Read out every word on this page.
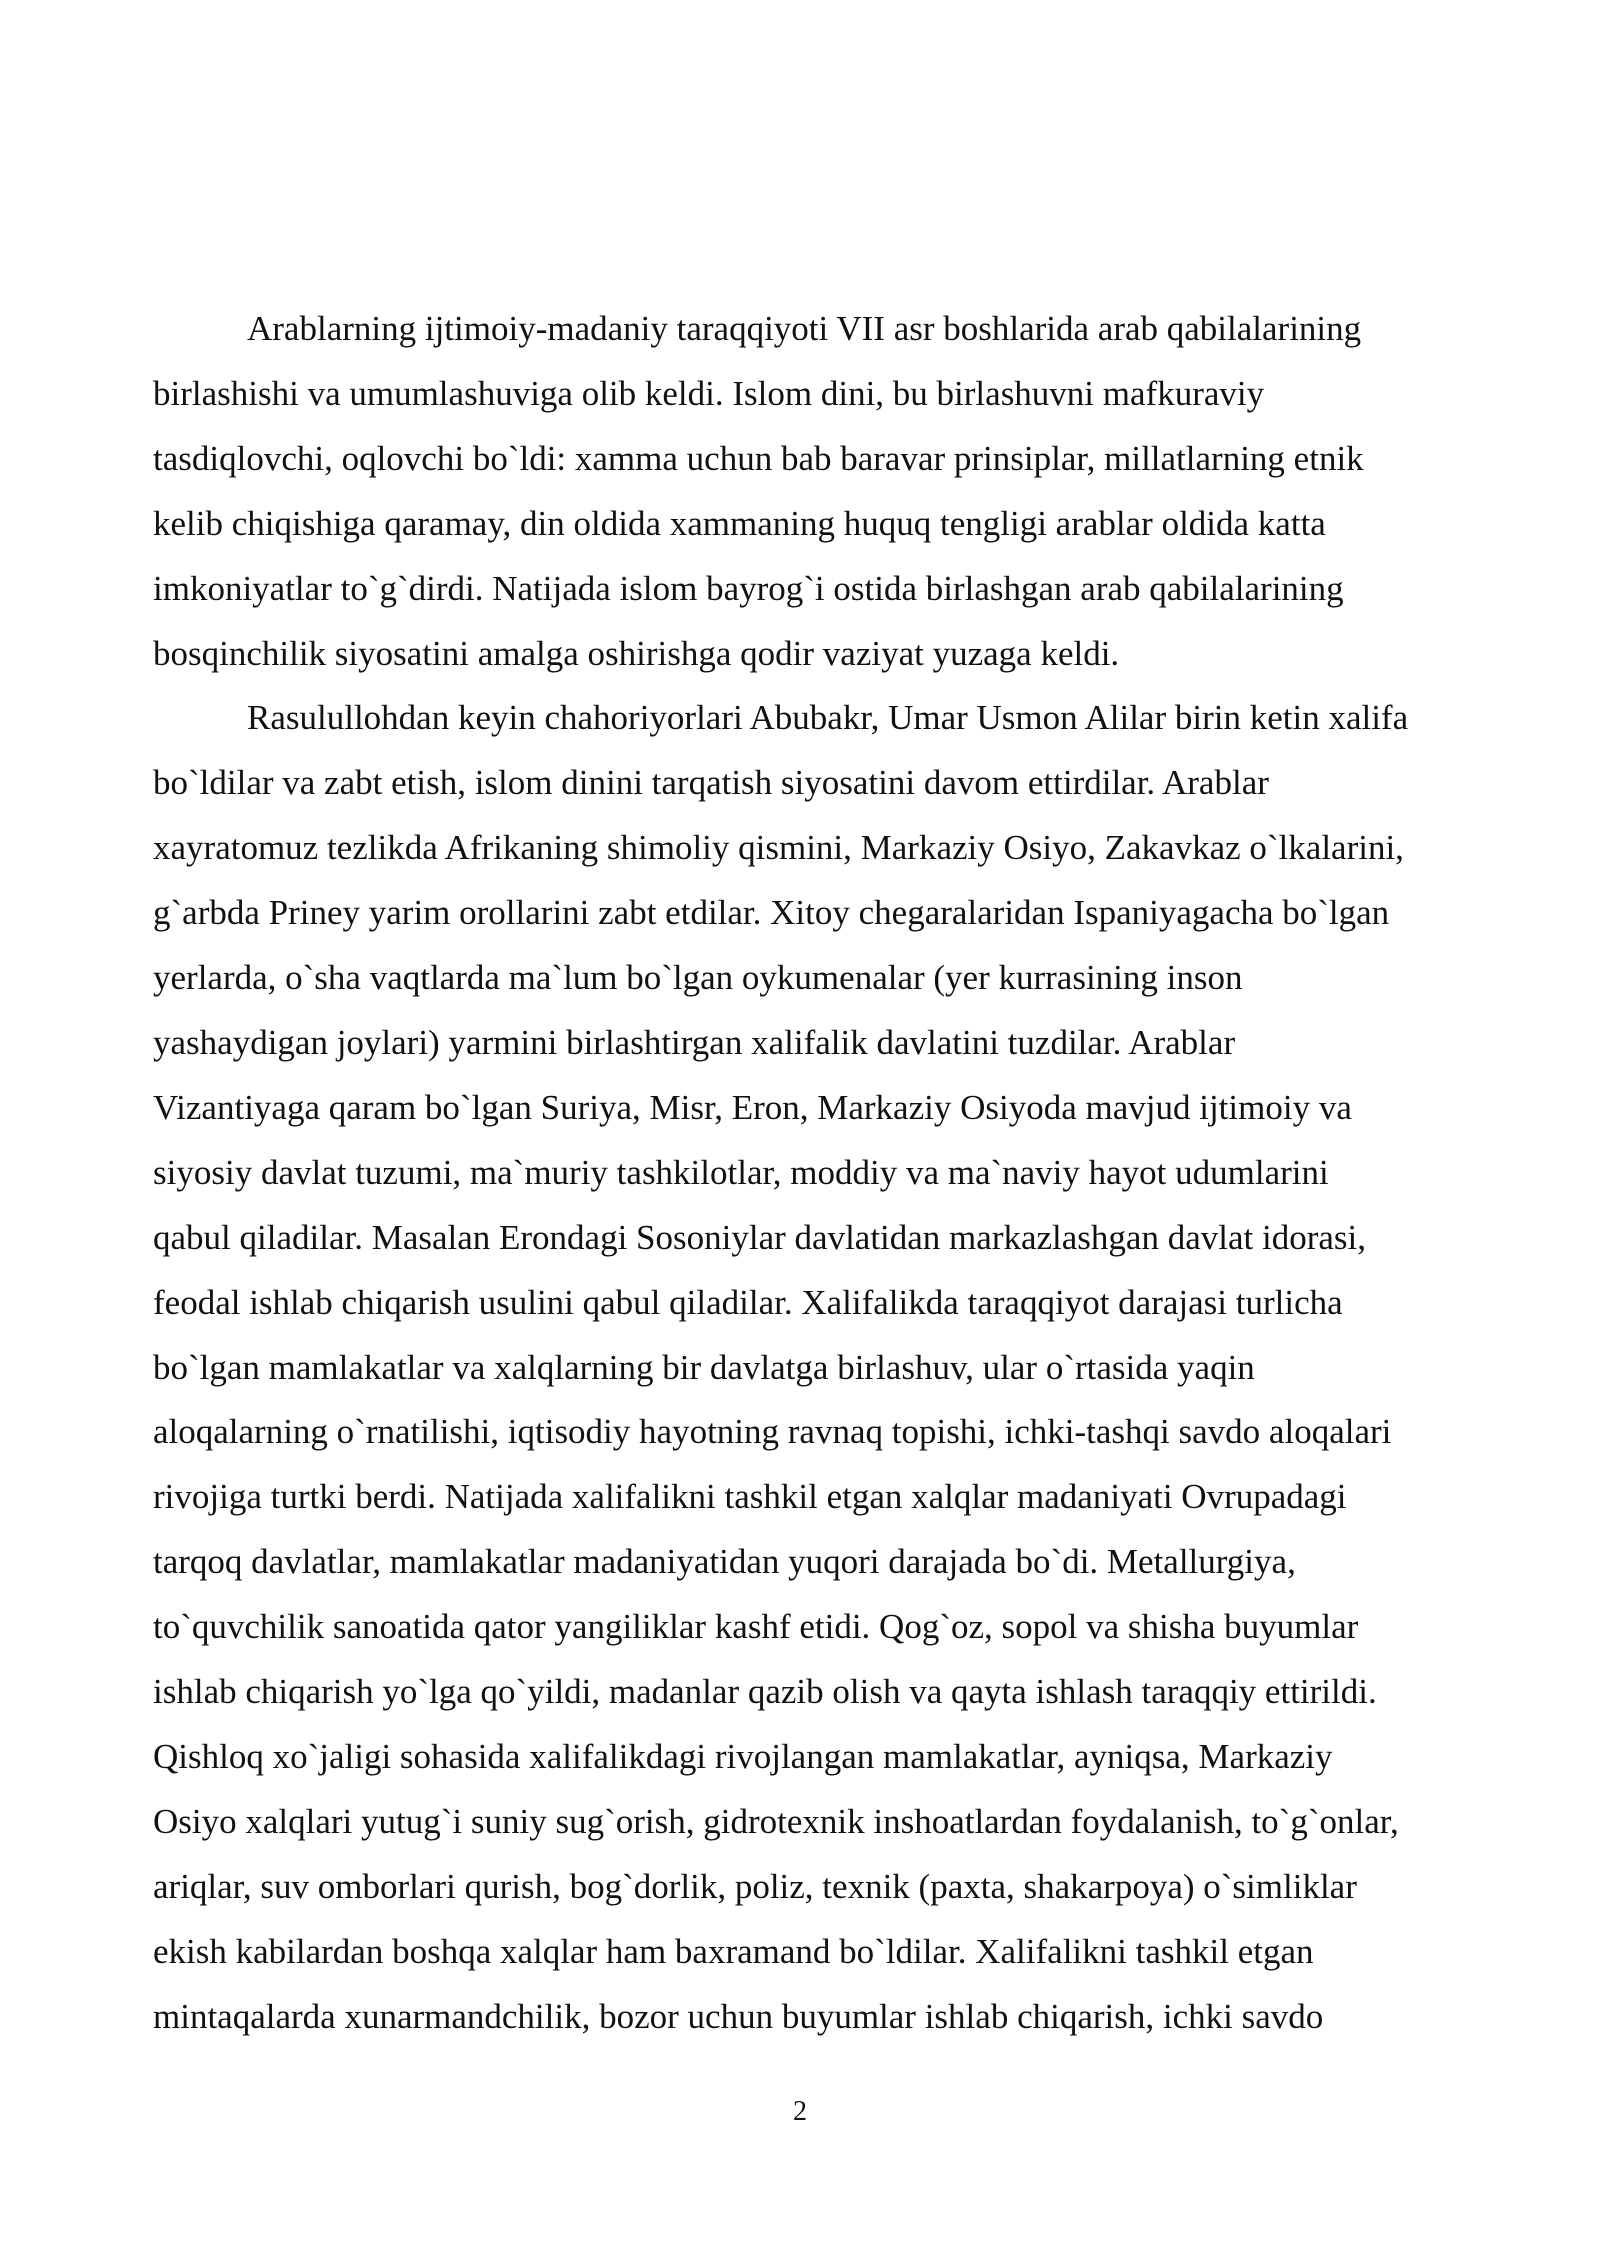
Arablarning ijtimoiy-madaniy taraqqiyoti VII asr boshlarida arab qabilalarining
birlashishi va umumlashuviga olib keldi. Islom dini, bu birlashuvni mafkuraviy
tasdiqlovchi, oqlovchi bo`ldi: xamma uchun bab baravar prinsiplar, millatlarning etnik
kelib chiqishiga qaramay, din oldida xammaning huquq tengligi arablar oldida katta
imkoniyatlar to`g`dirdi. Natijada islom bayrog`i ostida birlashgan arab qabilalarining
bosqinchilik siyosatini amalga oshirishga qodir vaziyat yuzaga keldi.
Rasulullohdan keyin chahoriyorlari Abubakr, Umar Usmon Alilar birin ketin xalifa
bo`ldilar va zabt etish, islom dinini tarqatish siyosatini davom ettirdilar. Arablar
xayratomuz tezlikda Afrikaning shimoliy qismini, Markaziy Osiyo, Zakavkaz o`lkalarini,
g`arbda Priney yarim orollarini zabt etdilar. Xitoy chegaralaridan Ispaniyagacha bo`lgan
yerlarda, o`sha vaqtlarda ma`lum bo`lgan oykumenalar (yer kurrasining inson
yashaydigan joylari) yarmini birlashtirgan xalifalik davlatini tuzdilar. Arablar
Vizantiyaga qaram bo`lgan Suriya, Misr, Eron, Markaziy Osiyoda mavjud ijtimoiy va
siyosiy davlat tuzumi, ma`muriy tashkilotlar, moddiy va ma`naviy hayot udumlarini
qabul qiladilar. Masalan Erondagi Sosoniylar davlatidan markazlashgan davlat idorasi,
feodal ishlab chiqarish usulini qabul qiladilar. Xalifalikda taraqqiyot darajasi turlicha
bo`lgan mamlakatlar va xalqlarning bir davlatga birlashuv, ular o`rtasida yaqin
aloqalarning o`rnatilishi, iqtisodiy hayotning ravnaq topishi, ichki-tashqi savdo aloqalari
rivojiga turtki berdi. Natijada xalifalikni tashkil etgan xalqlar madaniyati Ovrupadagi
tarqoq davlatlar, mamlakatlar madaniyatidan yuqori darajada bo`di. Metallurgiya,
to`quvchilik sanoatida qator yangiliklar kashf etidi. Qog`oz, sopol va shisha buyumlar
ishlab chiqarish yo`lga qo`yildi, madanlar qazib olish va qayta ishlash taraqqiy ettirildi.
Qishloq xo`jaligi sohasida xalifalikdagi rivojlangan mamlakatlar, ayniqsa, Markaziy
Osiyo xalqlari yutug`i suniy sug`orish, gidrotexnik inshoatlardan foydalanish, to`g`onlar,
ariqlar, suv omborlari qurish, bog`dorlik, poliz, texnik (paxta, shakarpoya) o`simliklar
ekish kabilardan boshqa xalqlar ham baxramand bo`ldilar. Xalifalikni tashkil etgan
mintaqalarda xunarmandchilik, bozor uchun buyumlar ishlab chiqarish, ichki savdo
2
